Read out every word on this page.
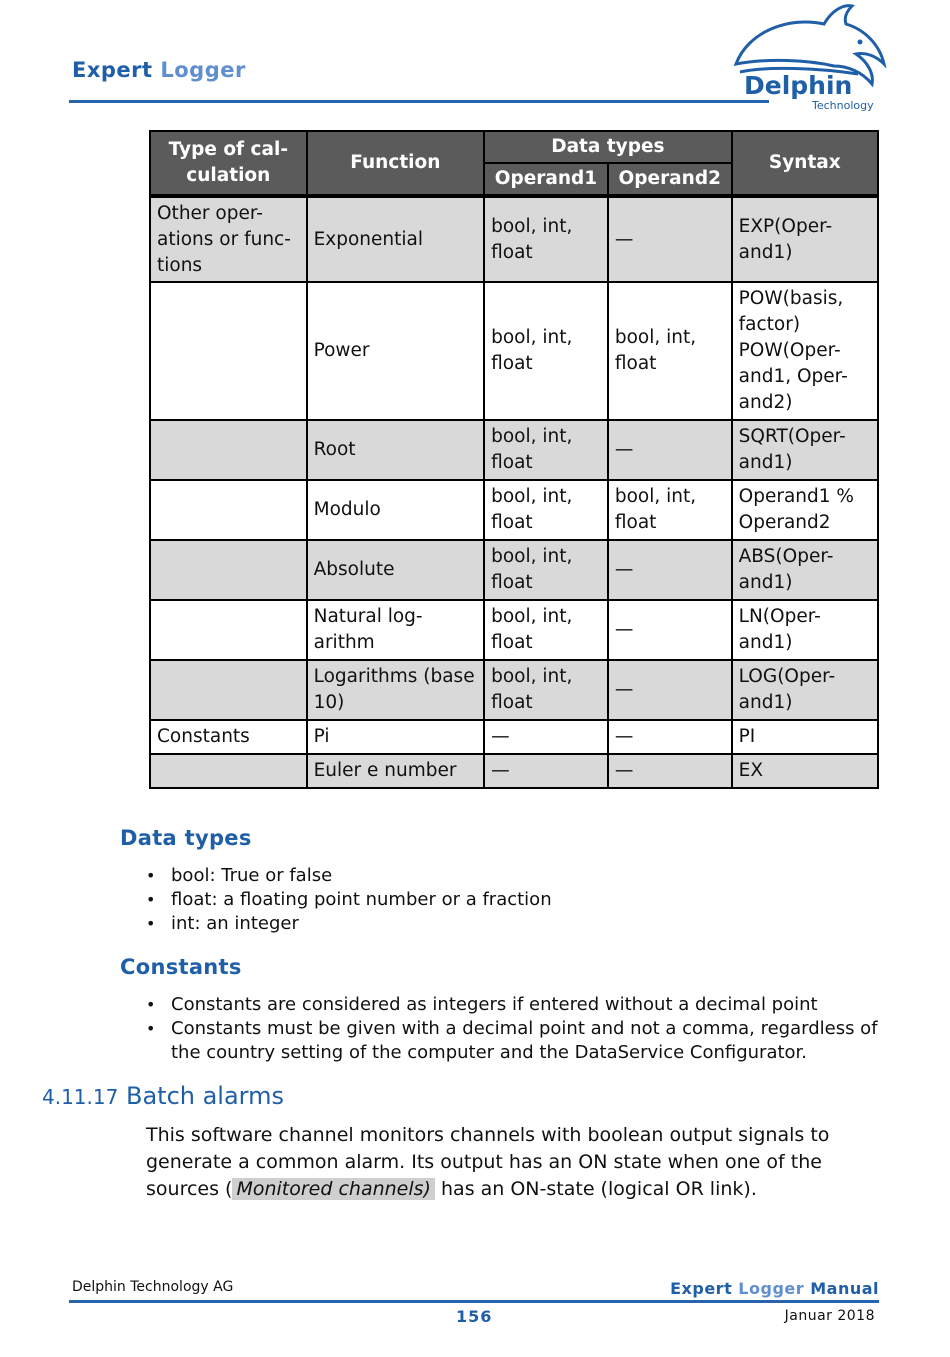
Expert Logger
Delphin
Technology
Type of cal- culation	Function	Data types		Syntax
		Operand1	Operand2	
Other oper- ations or func- tions	Exponential	bool, int, float	—	EXP(Oper- and1)
	Power	bool, int, float	bool, int, float	POW(basis, factor) POW(Oper- and1, Oper- and2)
	Root	bool, int, float	—	SQRT(Oper- and1)
	Modulo	bool, int, float	bool, int, float	Operand1 % Operand2
	Absolute	bool, int, float	—	ABS(Oper- and1)
	Natural log- arithm	bool, int, float	—	LN(Oper- and1)
	Logarithms (base 10)	bool, int, float	—	LOG(Oper- and1)
Constants	Pi	—	—	PI
	Euler e number	—	—	EX
Data types
• bool: True or false
• float: a floating point number or a fraction
• int: an integer
Constants
• Constants are considered as integers if entered without a decimal point
• Constants must be given with a decimal point and not a comma, regardless of the country setting of the computer and the DataService Configurator.
4.11.17 Batch alarms
This software channel monitors channels with boolean output signals to generate a common alarm. Its output has an ON state when one of the sources ( Monitored channels) has an ON-state (logical OR link).
Delphin Technology AG	Expert Logger Manual
156	Januar 2018
